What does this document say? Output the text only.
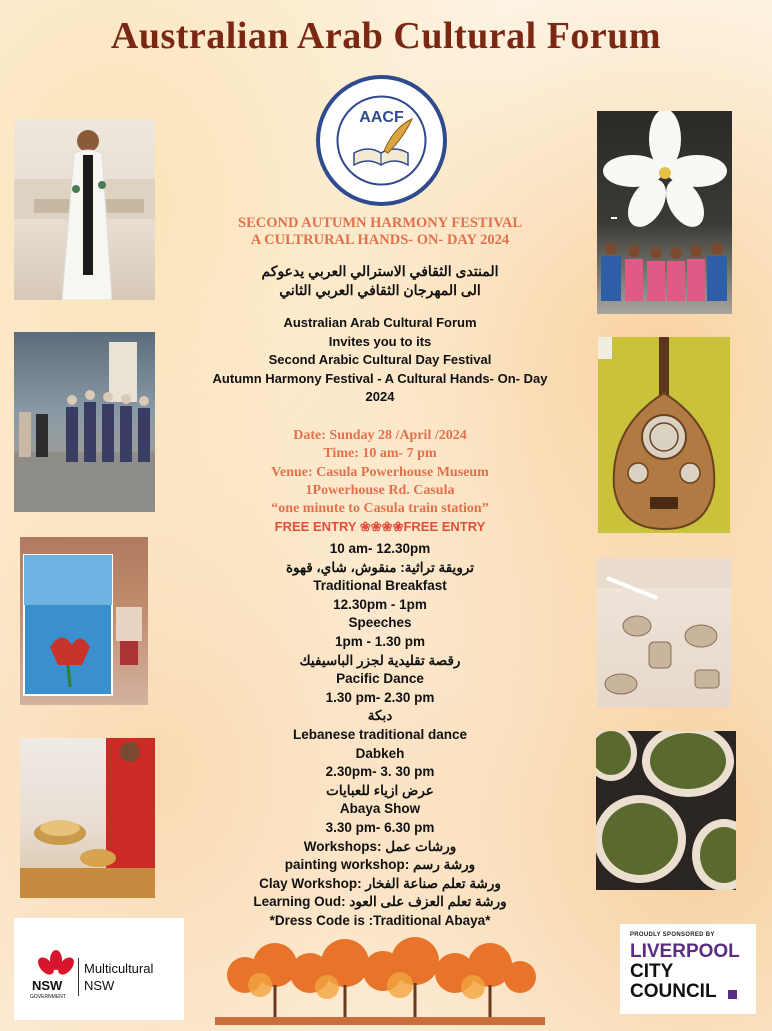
Australian Arab Cultural Forum
AACF
SECOND AUTUMN HARMONY FESTIVAL
A CULTRURAL HANDS- ON- DAY 2024
المنتدى الثقافي الاسترالي العربي يدعوكم
الى المهرجان الثقافي العربي الثاني
Australian Arab Cultural Forum
Invites you to its
Second Arabic Cultural Day Festival
Autumn Harmony Festival - A Cultural Hands- On- Day
2024
Date: Sunday 28 /April /2024
Time: 10 am- 7 pm
Venue: Casula Powerhouse Museum
1Powerhouse Rd. Casula
“one minute to Casula train station”
FREE ENTRY ❀❀❀❀FREE ENTRY
10 am- 12.30pm
ترويقة تراثية: منقوش، شاي، قهوة
Traditional Breakfast
12.30pm - 1pm
Speeches
1pm - 1.30 pm
رقصة تقليدية لجزر الباسيفيك
Pacific Dance
1.30 pm- 2.30 pm
دبكة
Lebanese traditional dance
Dabkeh
2.30pm- 3. 30 pm
عرض ازياء للعبايات
Abaya Show
3.30 pm- 6.30 pm
Workshops: ورشات عمل
painting workshop: ورشة رسم
Clay Workshop: ورشة تعلم صناعة الفخار
Learning Oud: ورشة تعلم العزف على العود
*Dress Code is :Traditional Abaya*
NSW
GOVERNMENT
Multicultural
NSW
PROUDLY SPONSORED BY
LIVERPOOL
CITY
COUNCIL
